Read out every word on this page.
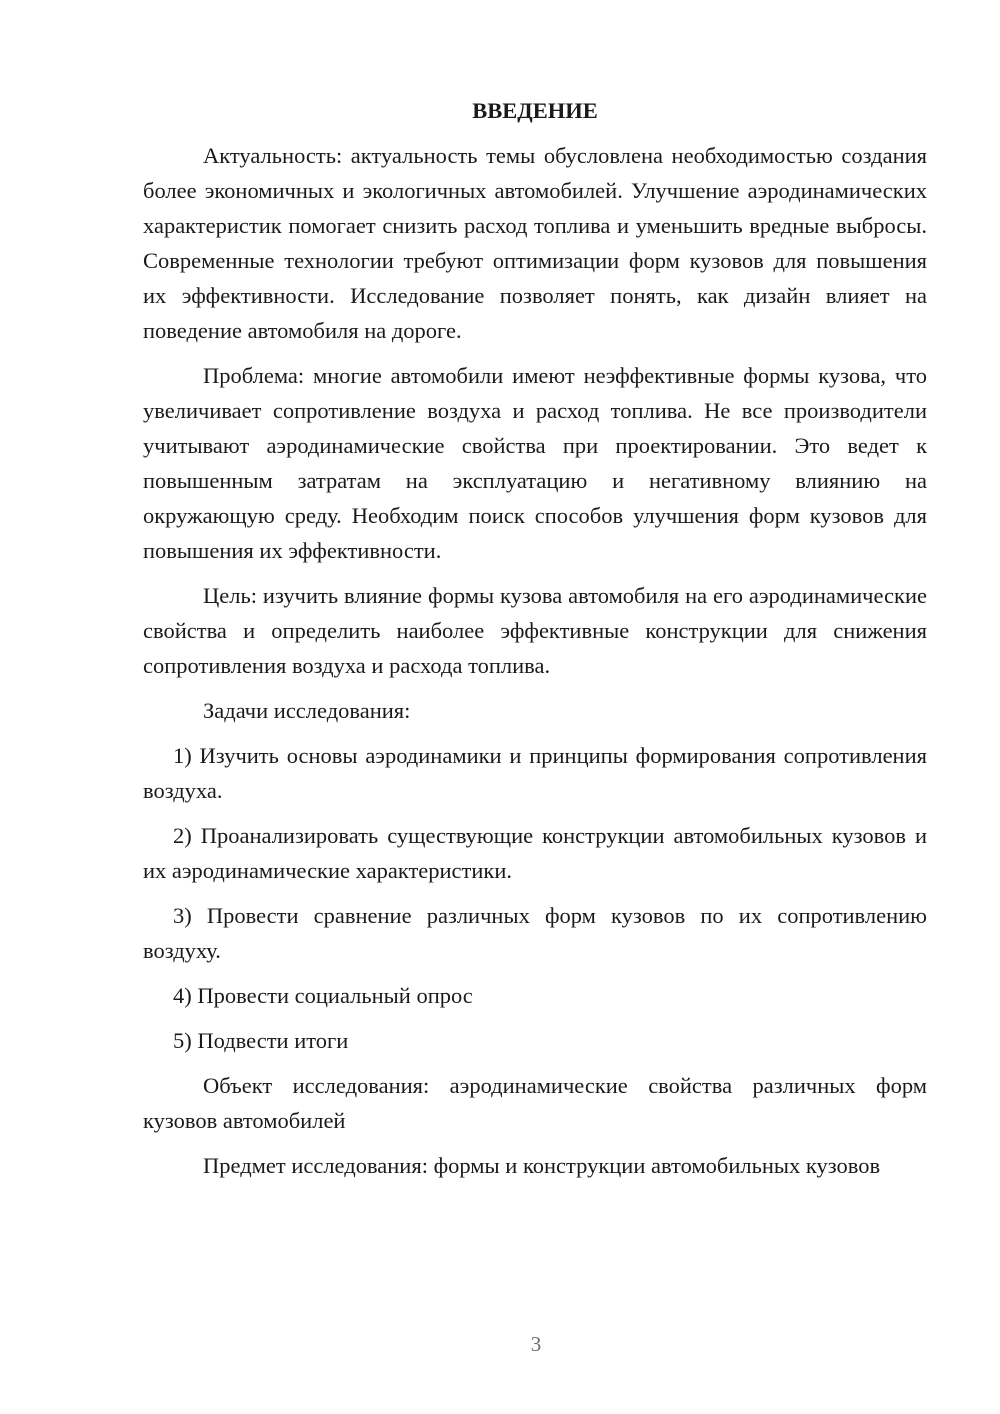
ВВЕДЕНИЕ

Актуальность: актуальность темы обусловлена необходимостью создания более экономичных и экологичных автомобилей. Улучшение аэродинамических характеристик помогает снизить расход топлива и уменьшить вредные выбросы. Современные технологии требуют оптимизации форм кузовов для повышения их эффективности. Исследование позволяет понять, как дизайн влияет на поведение автомобиля на дороге.

Проблема: многие автомобили имеют неэффективные формы кузова, что увеличивает сопротивление воздуха и расход топлива. Не все производители учитывают аэродинамические свойства при проектировании. Это ведет к повышенным затратам на эксплуатацию и негативному влиянию на окружающую среду. Необходим поиск способов улучшения форм кузовов для повышения их эффективности.

Цель: изучить влияние формы кузова автомобиля на его аэродинамические свойства и определить наиболее эффективные конструкции для снижения сопротивления воздуха и расхода топлива.

Задачи исследования:

1) Изучить основы аэродинамики и принципы формирования сопротивления воздуха.

2) Проанализировать существующие конструкции автомобильных кузовов и их аэродинамические характеристики.

3) Провести сравнение различных форм кузовов по их сопротивлению воздуху.

4) Провести социальный опрос

5) Подвести итоги

Объект исследования: аэродинамические свойства различных форм кузовов автомобилей

Предмет исследования: формы и конструкции автомобильных кузовов

3
